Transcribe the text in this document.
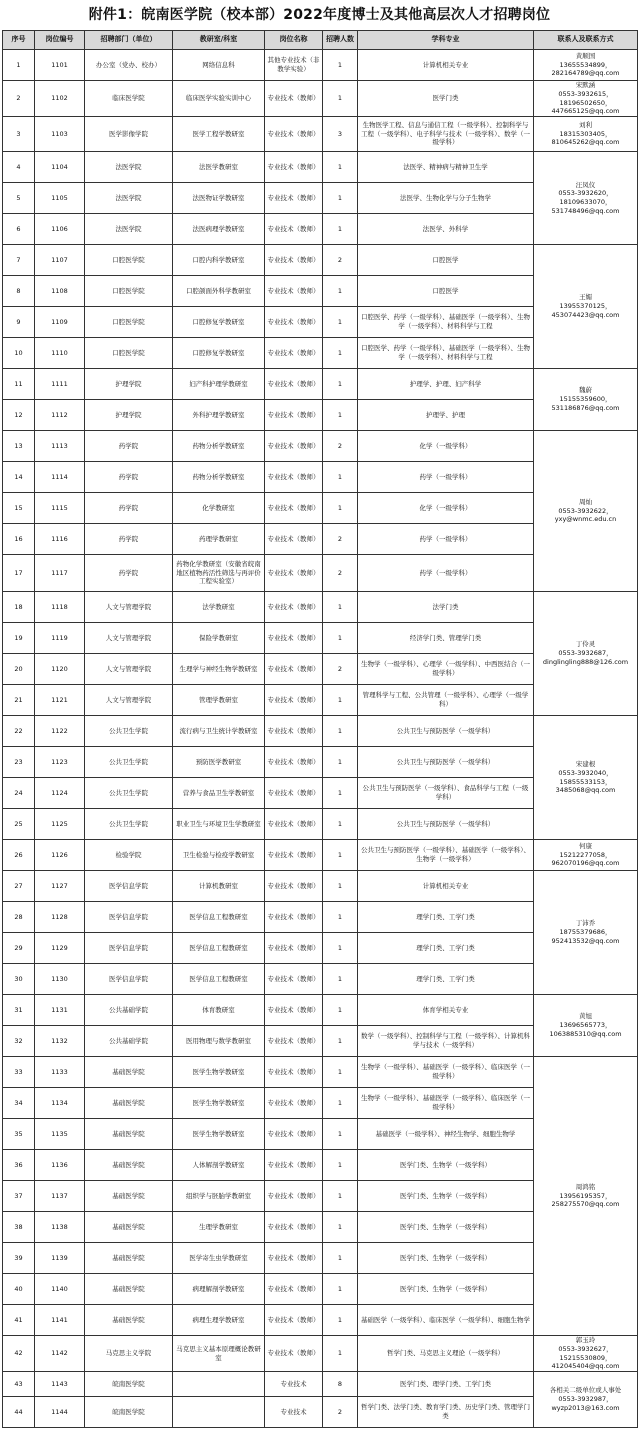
附件1：皖南医学院（校本部）2022年度博士及其他高层次人才招聘岗位
序号	岗位编号	招聘部门（单位）	教研室/科室	岗位名称	招聘人数	学科专业	联系人及联系方式
1	1101	办公室（党办、校办）	网络信息科	其他专业技术（非教学实验）	1	计算机相关专业	黄顺国
13655534899，
282164789@qq.com

2	1102	临床医学院	临床医学实验实训中心	专业技术（教师）	1	医学门类	宋默涵
0553-3932615，
18196502650，
447665125@qq.com

3	1103	医学影像学院	医学工程学教研室	专业技术（教师）	3	生物医学工程、信息与通信工程（一级学科）、控制科学与工程（一级学科）、电子科学与技术（一级学科）、数学（一级学科）	刘利
18315303405，
810645262@qq.com

4	1104	法医学院	法医学教研室	专业技术（教师）	1	法医学、精神病与精神卫生学	汪凤仪
0553-3932620，
18109633070，
531748496@qq.com

5	1105	法医学院	法医物证学教研室	专业技术（教师）	1	法医学、生物化学与分子生物学	
6	1106	法医学院	法医病理学教研室	专业技术（教师）	1	法医学、外科学	
7	1107	口腔医学院	口腔内科学教研室	专业技术（教师）	2	口腔医学	王媚
13955370125，
453074423@qq.com

8	1108	口腔医学院	口腔颌面外科学教研室	专业技术（教师）	1	口腔医学	
9	1109	口腔医学院	口腔修复学教研室	专业技术（教师）	1	口腔医学、药学（一级学科）、基础医学（一级学科）、生物学（一级学科）、材料科学与工程	
10	1110	口腔医学院	口腔修复学教研室	专业技术（教师）	1	口腔医学、药学（一级学科）、基础医学（一级学科）、生物学（一级学科）、材料科学与工程	
11	1111	护理学院	妇产科护理学教研室	专业技术（教师）	1	护理学、护理、妇产科学	魏蔚
15155359600，
531186876@qq.com

12	1112	护理学院	外科护理学教研室	专业技术（教师）	1	护理学、护理	
13	1113	药学院	药物分析学教研室	专业技术（教师）	2	化学（一级学科）	周灿
0553-3932622，
yxy@wnmc.edu.cn

14	1114	药学院	药物分析学教研室	专业技术（教师）	1	药学（一级学科）	
15	1115	药学院	化学教研室	专业技术（教师）	1	化学（一级学科）	
16	1116	药学院	药理学教研室	专业技术（教师）	2	药学（一级学科）	
17	1117	药学院	药物化学教研室（安徽省皖南地区植物药活性筛选与再评价工程实验室）	专业技术（教师）	2	药学（一级学科）	
18	1118	人文与管理学院	法学教研室	专业技术（教师）	1	法学门类	丁伶灵
0553-3932687，
dinglingling888@126.com

19	1119	人文与管理学院	保险学教研室	专业技术（教师）	1	经济学门类、管理学门类	
20	1120	人文与管理学院	生理学与神经生物学教研室	专业技术（教师）	2	生物学（一级学科）、心理学（一级学科）、中西医结合（一级学科）	
21	1121	人文与管理学院	管理学教研室	专业技术（教师）	1	管理科学与工程、公共管理（一级学科）、心理学（一级学科）	
22	1122	公共卫生学院	流行病与卫生统计学教研室	专业技术（教师）	1	公共卫生与预防医学（一级学科）	宋建根
0553-3932040，
15855533153，
3485068@qq.com

23	1123	公共卫生学院	预防医学教研室	专业技术（教师）	1	公共卫生与预防医学（一级学科）	
24	1124	公共卫生学院	营养与食品卫生学教研室	专业技术（教师）	1	公共卫生与预防医学（一级学科）、食品科学与工程（一级学科）	
25	1125	公共卫生学院	职业卫生与环境卫生学教研室	专业技术（教师）	1	公共卫生与预防医学（一级学科）	
26	1126	检验学院	卫生检验与检疫学教研室	专业技术（教师）	1	公共卫生与预防医学（一级学科）、基础医学（一级学科）、生物学（一级学科）	何康
15212277058，
962070196@qq.com

27	1127	医学信息学院	计算机教研室	专业技术（教师）	1	计算机相关专业	丁沛乔
18755379686，
952413532@qq.com

28	1128	医学信息学院	医学信息工程教研室	专业技术（教师）	1	理学门类、工学门类	
29	1129	医学信息学院	医学信息工程教研室	专业技术（教师）	1	理学门类、工学门类	
30	1130	医学信息学院	医学信息工程教研室	专业技术（教师）	1	理学门类、工学门类	
31	1131	公共基础学院	体育教研室	专业技术（教师）	1	体育学相关专业	黄旭
13696565773，
1063885310@qq.com

32	1132	公共基础学院	医用物理与数学教研室	专业技术（教师）	1	数学（一级学科）、控制科学与工程（一级学科）、计算机科学与技术（一级学科）	
33	1133	基础医学院	医学生物学教研室	专业技术（教师）	1	生物学（一级学科）、基础医学（一级学科）、临床医学（一级学科）	周鸿铭
13956195357，
258275570@qq.com

34	1134	基础医学院	医学生物学教研室	专业技术（教师）	1	生物学（一级学科）、基础医学（一级学科）、临床医学（一级学科）	
35	1135	基础医学院	医学生物学教研室	专业技术（教师）	1	基础医学（一级学科）、神经生物学、细胞生物学	
36	1136	基础医学院	人体解剖学教研室	专业技术（教师）	1	医学门类、生物学（一级学科）	
37	1137	基础医学院	组织学与胚胎学教研室	专业技术（教师）	1	医学门类、生物学（一级学科）	
38	1138	基础医学院	生理学教研室	专业技术（教师）	1	医学门类、生物学（一级学科）	
39	1139	基础医学院	医学寄生虫学教研室	专业技术（教师）	1	医学门类、生物学（一级学科）	
40	1140	基础医学院	病理解剖学教研室	专业技术（教师）	1	医学门类、生物学（一级学科）	
41	1141	基础医学院	病理生理学教研室	专业技术（教师）	1	基础医学（一级学科）、临床医学（一级学科）、细胞生物学	
42	1142	马克思主义学院	马克思主义基本原理概论教研室	专业技术（教师）	1	哲学门类、马克思主义理论（一级学科）	郭玉玲
0553-3932627，
15215530809，
412045404@qq.com

43	1143	皖南医学院		专业技术	8	医学门类、理学门类、工学门类	各相关二级单位或人事处
0553-3932987，
wyzp2013@163.com

44	1144	皖南医学院		专业技术	2	哲学门类、法学门类、教育学门类、历史学门类、管理学门类	
